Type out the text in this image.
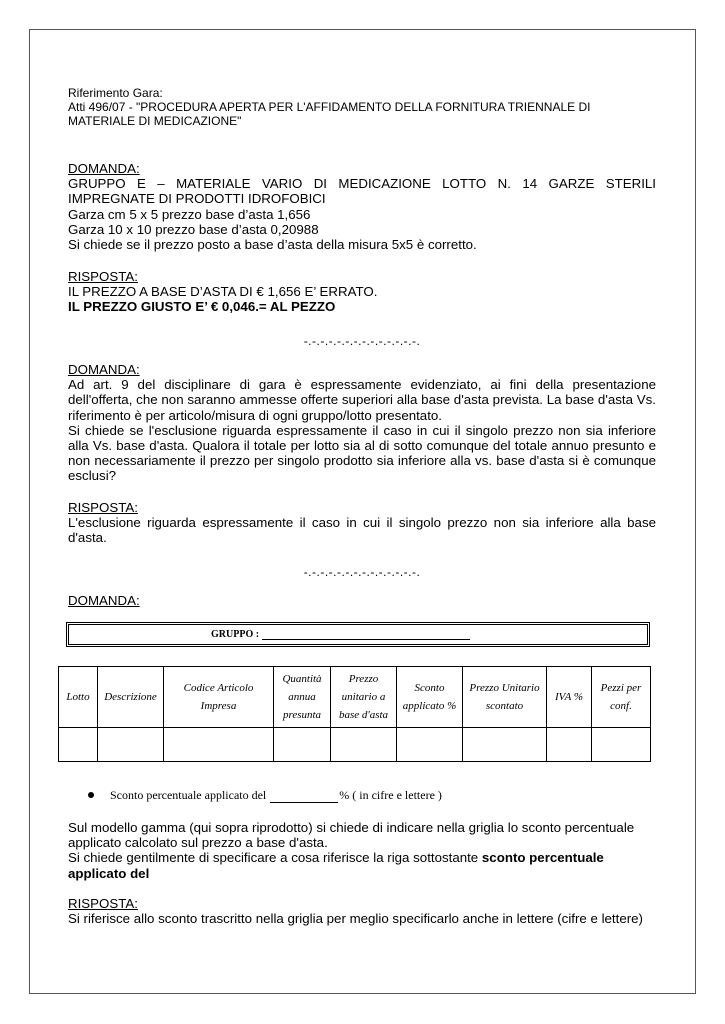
Riferimento Gara:

Atti 496/07 - "PROCEDURA APERTA PER L'AFFIDAMENTO DELLA FORNITURA TRIENNALE DI MATERIALE DI MEDICAZIONE"

DOMANDA:

GRUPPO E – MATERIALE VARIO DI MEDICAZIONE LOTTO N. 14 GARZE STERILI IMPREGNATE DI PRODOTTI IDROFOBICI

Garza cm 5 x 5 prezzo base d’asta 1,656

Garza 10 x 10 prezzo base d’asta 0,20988

Si chiede se il prezzo posto a base d’asta della misura 5x5 è corretto.

RISPOSTA:

IL PREZZO A BASE D’ASTA DI € 1,656 E’ ERRATO.

IL PREZZO GIUSTO E’ € 0,046.= AL PEZZO

-.-.-.-.-.-.-.-.-.-.-.-.-.-.

DOMANDA:

Ad art. 9 del disciplinare di gara è espressamente evidenziato, ai fini della presentazione dell'offerta, che non saranno ammesse offerte superiori alla base d'asta prevista. La base d'asta Vs. riferimento è per articolo/misura di ogni gruppo/lotto presentato.

Si chiede se l'esclusione riguarda espressamente il caso in cui il singolo prezzo non sia inferiore alla Vs. base d'asta. Qualora il totale per lotto sia al di sotto comunque del totale annuo presunto e non necessariamente il prezzo per singolo prodotto sia inferiore alla vs. base d'asta si è comunque esclusi?

RISPOSTA:

L'esclusione riguarda espressamente il caso in cui il singolo prezzo non sia inferiore alla base d'asta.

-.-.-.-.-.-.-.-.-.-.-.-.-.-.

DOMANDA:

GRUPPO :
Lotto	Descrizione	Codice Articolo Impresa	Quantità annua presunta	Prezzo unitario a base d'asta	Sconto applicato %	Prezzo Unitario scontato	IVA %	Pezzi per conf.

Sconto percentuale applicato del	% ( in cifre e lettere )

Sul modello gamma (qui sopra riprodotto) si chiede di indicare nella griglia lo sconto percentuale applicato calcolato sul prezzo a base d'asta.

Si chiede gentilmente di specificare a cosa riferisce la riga sottostante sconto percentuale applicato del

RISPOSTA:

Si riferisce allo sconto trascritto nella griglia per meglio specificarlo anche in lettere (cifre e lettere)
